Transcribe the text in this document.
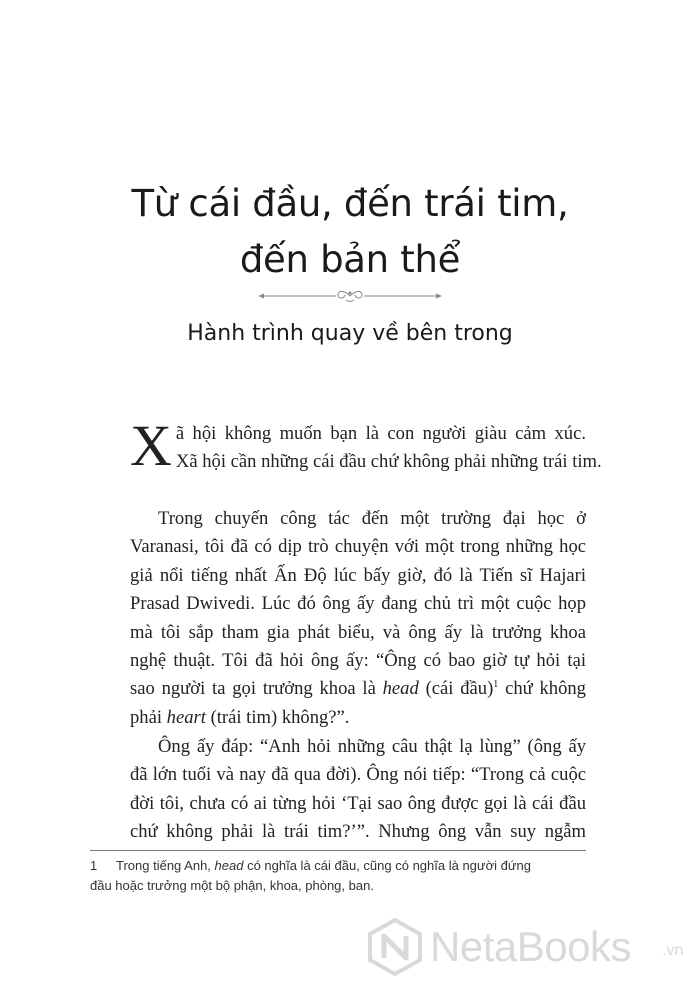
Từ cái đầu, đến trái tim,
đến bản thể
Hành trình quay về bên trong

X ã hội không muốn bạn là con người giàu cảm xúc.
Xã hội cần những cái đầu chứ không phải những trái tim.

Trong chuyến công tác đến một trường đại học ở
Varanasi, tôi đã có dịp trò chuyện với một trong những học
giả nổi tiếng nhất Ấn Độ lúc bấy giờ, đó là Tiến sĩ Hajari
Prasad Dwivedi. Lúc đó ông ấy đang chủ trì một cuộc họp
mà tôi sắp tham gia phát biểu, và ông ấy là trưởng khoa
nghệ thuật. Tôi đã hỏi ông ấy: “Ông có bao giờ tự hỏi tại
sao người ta gọi trưởng khoa là head (cái đầu)$^1$ chứ không
phải heart (trái tim) không?”.

Ông ấy đáp: “Anh hỏi những câu thật lạ lùng” (ông ấy
đã lớn tuổi và nay đã qua đời). Ông nói tiếp: “Trong cả cuộc
đời tôi, chưa có ai từng hỏi ‘Tại sao ông được gọi là cái đầu
chứ không phải là trái tim?’”. Nhưng ông vẫn suy ngẫm

1 Trong tiếng Anh, head có nghĩa là cái đầu, cũng có nghĩa là người đứng
đầu hoặc trưởng một bộ phận, khoa, phòng, ban.
NetaBooks .vn
